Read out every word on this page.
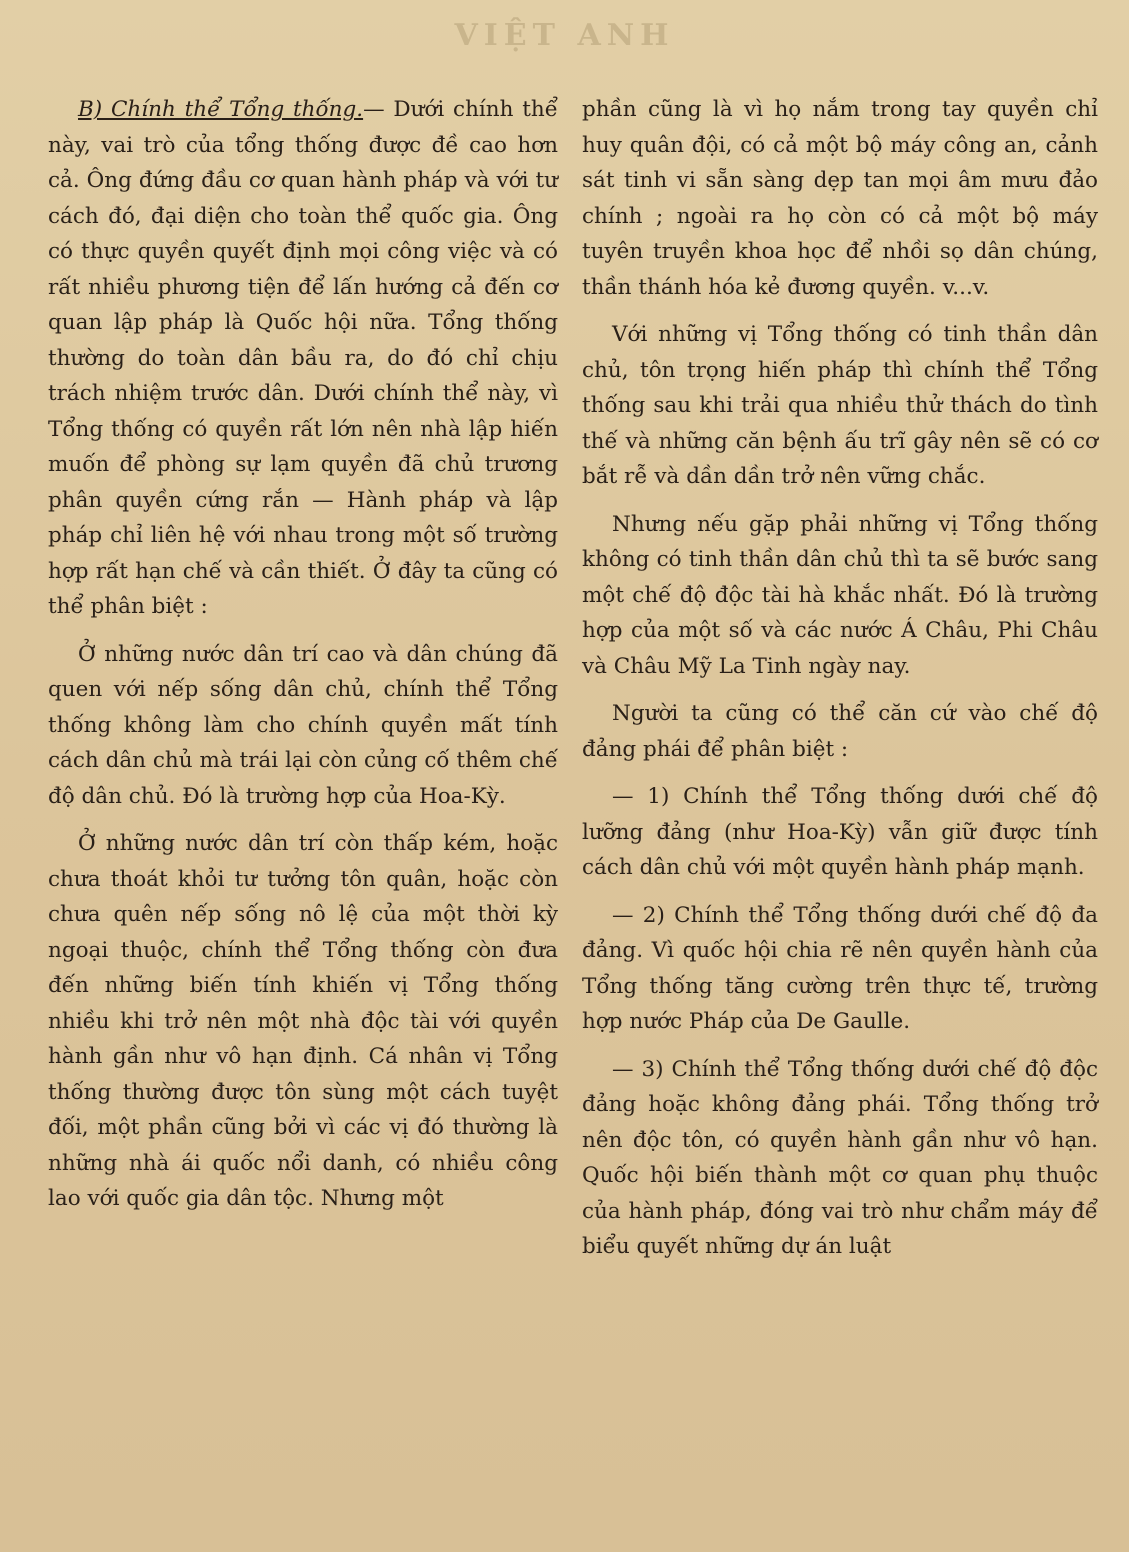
VIỆT ANH

B) Chính thể Tổng thống.— Dưới chính thể này, vai trò của tổng thống được đề cao hơn cả. Ông đứng đầu cơ quan hành pháp và với tư cách đó, đại diện cho toàn thể quốc gia. Ông có thực quyền quyết định mọi công việc và có rất nhiều phương tiện để lấn hướng cả đến cơ quan lập pháp là Quốc hội nữa. Tổng thống thường do toàn dân bầu ra, do đó chỉ chịu trách nhiệm trước dân. Dưới chính thể này, vì Tổng thống có quyền rất lớn nên nhà lập hiến muốn để phòng sự lạm quyền đã chủ trương phân quyền cứng rắn — Hành pháp và lập pháp chỉ liên hệ với nhau trong một số trường hợp rất hạn chế và cần thiết. Ở đây ta cũng có thể phân biệt :

Ở những nước dân trí cao và dân chúng đã quen với nếp sống dân chủ, chính thể Tổng thống không làm cho chính quyền mất tính cách dân chủ mà trái lại còn củng cố thêm chế độ dân chủ. Đó là trường hợp của Hoa-Kỳ.

Ở những nước dân trí còn thấp kém, hoặc chưa thoát khỏi tư tưởng tôn quân, hoặc còn chưa quên nếp sống nô lệ của một thời kỳ ngoại thuộc, chính thể Tổng thống còn đưa đến những biến tính khiến vị Tổng thống nhiều khi trở nên một nhà độc tài với quyền hành gần như vô hạn định. Cá nhân vị Tổng thống thường được tôn sùng một cách tuyệt đối, một phần cũng bởi vì các vị đó thường là những nhà ái quốc nổi danh, có nhiều công lao với quốc gia dân tộc. Nhưng một

phần cũng là vì họ nắm trong tay quyền chỉ huy quân đội, có cả một bộ máy công an, cảnh sát tinh vi sẵn sàng dẹp tan mọi âm mưu đảo chính ; ngoài ra họ còn có cả một bộ máy tuyên truyền khoa học để nhồi sọ dân chúng, thần thánh hóa kẻ đương quyền. v...v.

Với những vị Tổng thống có tinh thần dân chủ, tôn trọng hiến pháp thì chính thể Tổng thống sau khi trải qua nhiều thử thách do tình thế và những căn bệnh ấu trĩ gây nên sẽ có cơ bắt rễ và dần dần trở nên vững chắc.

Nhưng nếu gặp phải những vị Tổng thống không có tinh thần dân chủ thì ta sẽ bước sang một chế độ độc tài hà khắc nhất. Đó là trường hợp của một số và các nước Á Châu, Phi Châu và Châu Mỹ La Tinh ngày nay.

Người ta cũng có thể căn cứ vào chế độ đảng phái để phân biệt :

— 1) Chính thể Tổng thống dưới chế độ lưỡng đảng (như Hoa-Kỳ) vẫn giữ được tính cách dân chủ với một quyền hành pháp mạnh.

— 2) Chính thể Tổng thống dưới chế độ đa đảng. Vì quốc hội chia rẽ nên quyền hành của Tổng thống tăng cường trên thực tế, trường hợp nước Pháp của De Gaulle.

— 3) Chính thể Tổng thống dưới chế độ độc đảng hoặc không đảng phái. Tổng thống trở nên độc tôn, có quyền hành gần như vô hạn. Quốc hội biến thành một cơ quan phụ thuộc của hành pháp, đóng vai trò như chẩm máy để biểu quyết những dự án luật
